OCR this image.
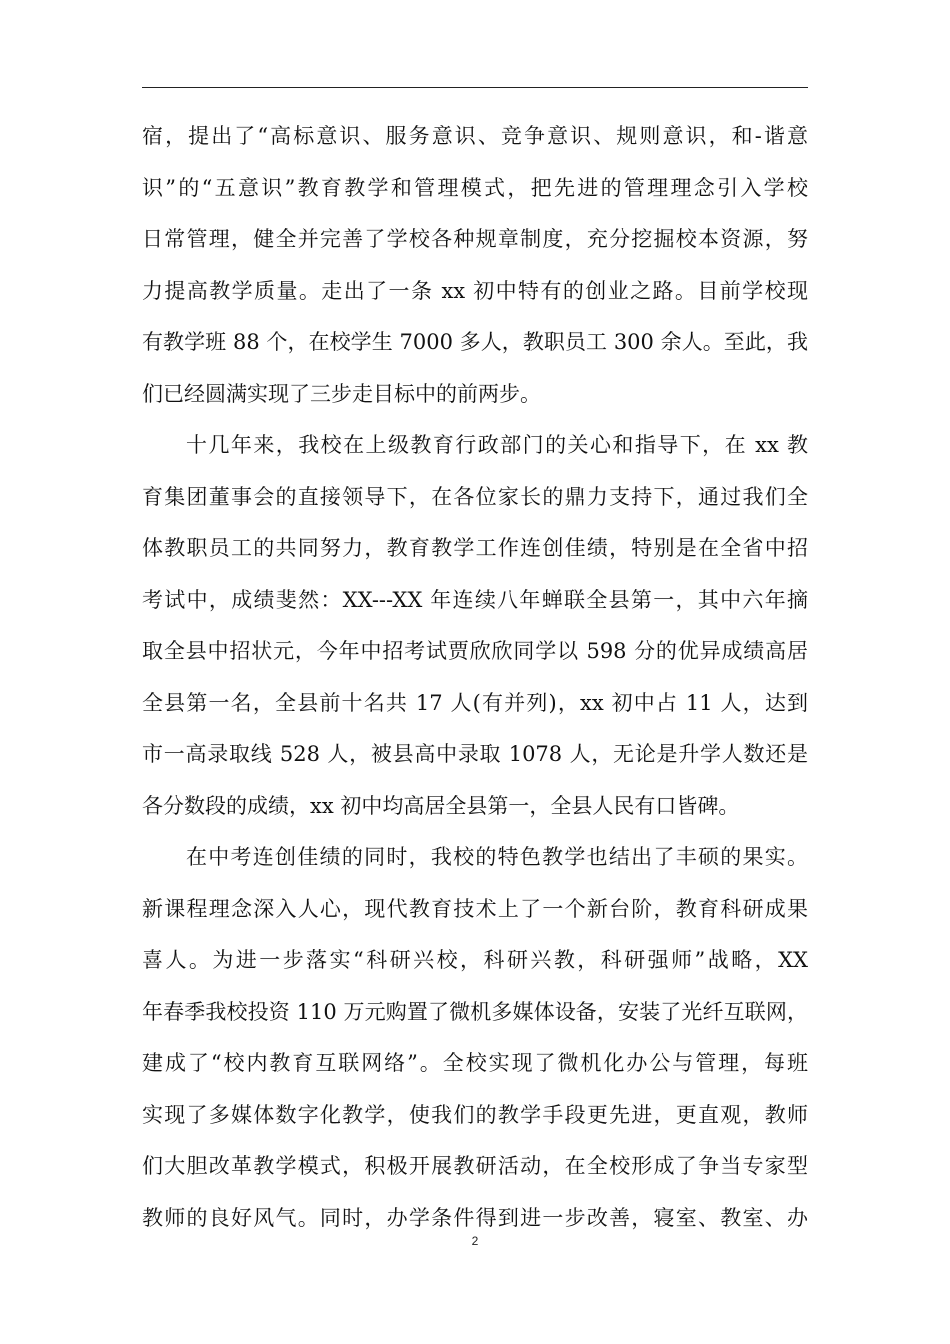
宿，提出了“高标意识、服务意识、竞争意识、规则意识，和-谐意
识”的“五意识”教育教学和管理模式，把先进的管理理念引入学校
日常管理，健全并完善了学校各种规章制度，充分挖掘校本资源，努
力提高教学质量。走出了一条 xx 初中特有的创业之路。目前学校现
有教学班 88 个，在校学生 7000 多人，教职员工 300 余人。至此，我
们已经圆满实现了三步走目标中的前两步。
十几年来，我校在上级教育行政部门的关心和指导下，在 xx 教
育集团董事会的直接领导下，在各位家长的鼎力支持下，通过我们全
体教职员工的共同努力，教育教学工作连创佳绩，特别是在全省中招
考试中，成绩斐然：XX---XX 年连续八年蝉联全县第一，其中六年摘
取全县中招状元，今年中招考试贾欣欣同学以 598 分的优异成绩高居
全县第一名，全县前十名共 17 人(有并列)，xx 初中占 11 人，达到
市一高录取线 528 人，被县高中录取 1078 人，无论是升学人数还是
各分数段的成绩，xx 初中均高居全县第一，全县人民有口皆碑。
在中考连创佳绩的同时，我校的特色教学也结出了丰硕的果实。
新课程理念深入人心，现代教育技术上了一个新台阶，教育科研成果
喜人。为进一步落实“科研兴校，科研兴教，科研强师”战略，XX
年春季我校投资 110 万元购置了微机多媒体设备，安装了光纤互联网，
建成了“校内教育互联网络”。全校实现了微机化办公与管理，每班
实现了多媒体数字化教学，使我们的教学手段更先进，更直观，教师
们大胆改革教学模式，积极开展教研活动，在全校形成了争当专家型
教师的良好风气。同时，办学条件得到进一步改善，寝室、教室、办
2
